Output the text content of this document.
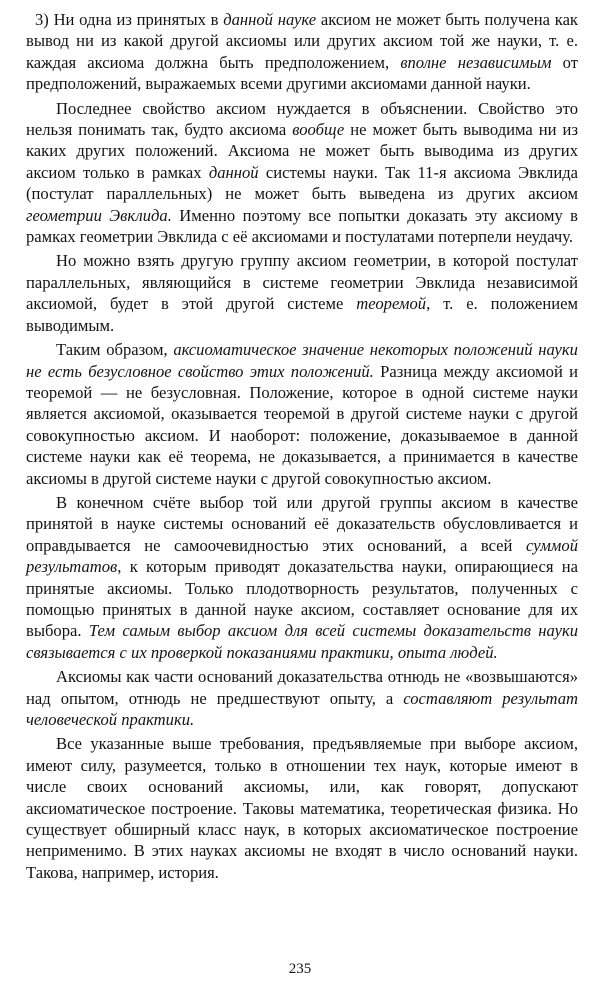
3) Ни одна из принятых в данной науке аксиом не может быть получена как вывод ни из какой другой аксиомы или других аксиом той же науки, т. е. каждая аксиома должна быть предположением, вполне независимым от предположений, выражаемых всеми другими аксиомами данной науки.

Последнее свойство аксиом нуждается в объяснении. Свойство это нельзя понимать так, будто аксиома вообще не может быть выводима ни из каких других положений. Аксиома не может быть выводима из других аксиом только в рамках данной системы науки. Так 11-я аксиома Эвклида (постулат параллельных) не может быть выведена из других аксиом геометрии Эвклида. Именно поэтому все попытки доказать эту аксиому в рамках геометрии Эвклида с её аксиомами и постулатами потерпели неудачу.

Но можно взять другую группу аксиом геометрии, в которой постулат параллельных, являющийся в системе геометрии Эвклида независимой аксиомой, будет в этой другой системе теоремой, т. е. положением выводимым.

Таким образом, аксиоматическое значение некоторых положений науки не есть безусловное свойство этих положений. Разница между аксиомой и теоремой — не безусловная. Положение, которое в одной системе науки является аксиомой, оказывается теоремой в другой системе науки с другой совокупностью аксиом. И наоборот: положение, доказываемое в данной системе науки как её теорема, не доказывается, а принимается в качестве аксиомы в другой системе науки с другой совокупностью аксиом.

В конечном счёте выбор той или другой группы аксиом в качестве принятой в науке системы оснований её доказательств обусловливается и оправдывается не самоочевидностью этих оснований, а всей суммой результатов, к которым приводят доказательства науки, опирающиеся на принятые аксиомы. Только плодотворность результатов, полученных с помощью принятых в данной науке аксиом, составляет основание для их выбора. Тем самым выбор аксиом для всей системы доказательств науки связывается с их проверкой показаниями практики, опыта людей.

Аксиомы как части оснований доказательства отнюдь не «возвышаются» над опытом, отнюдь не предшествуют опыту, а составляют результат человеческой практики.

Все указанные выше требования, предъявляемые при выборе аксиом, имеют силу, разумеется, только в отношении тех наук, которые имеют в числе своих оснований аксиомы, или, как говорят, допускают аксиоматическое построение. Таковы математика, теоретическая физика. Но существует обширный класс наук, в которых аксиоматическое построение неприменимо. В этих науках аксиомы не входят в число оснований науки. Такова, например, история.

235
